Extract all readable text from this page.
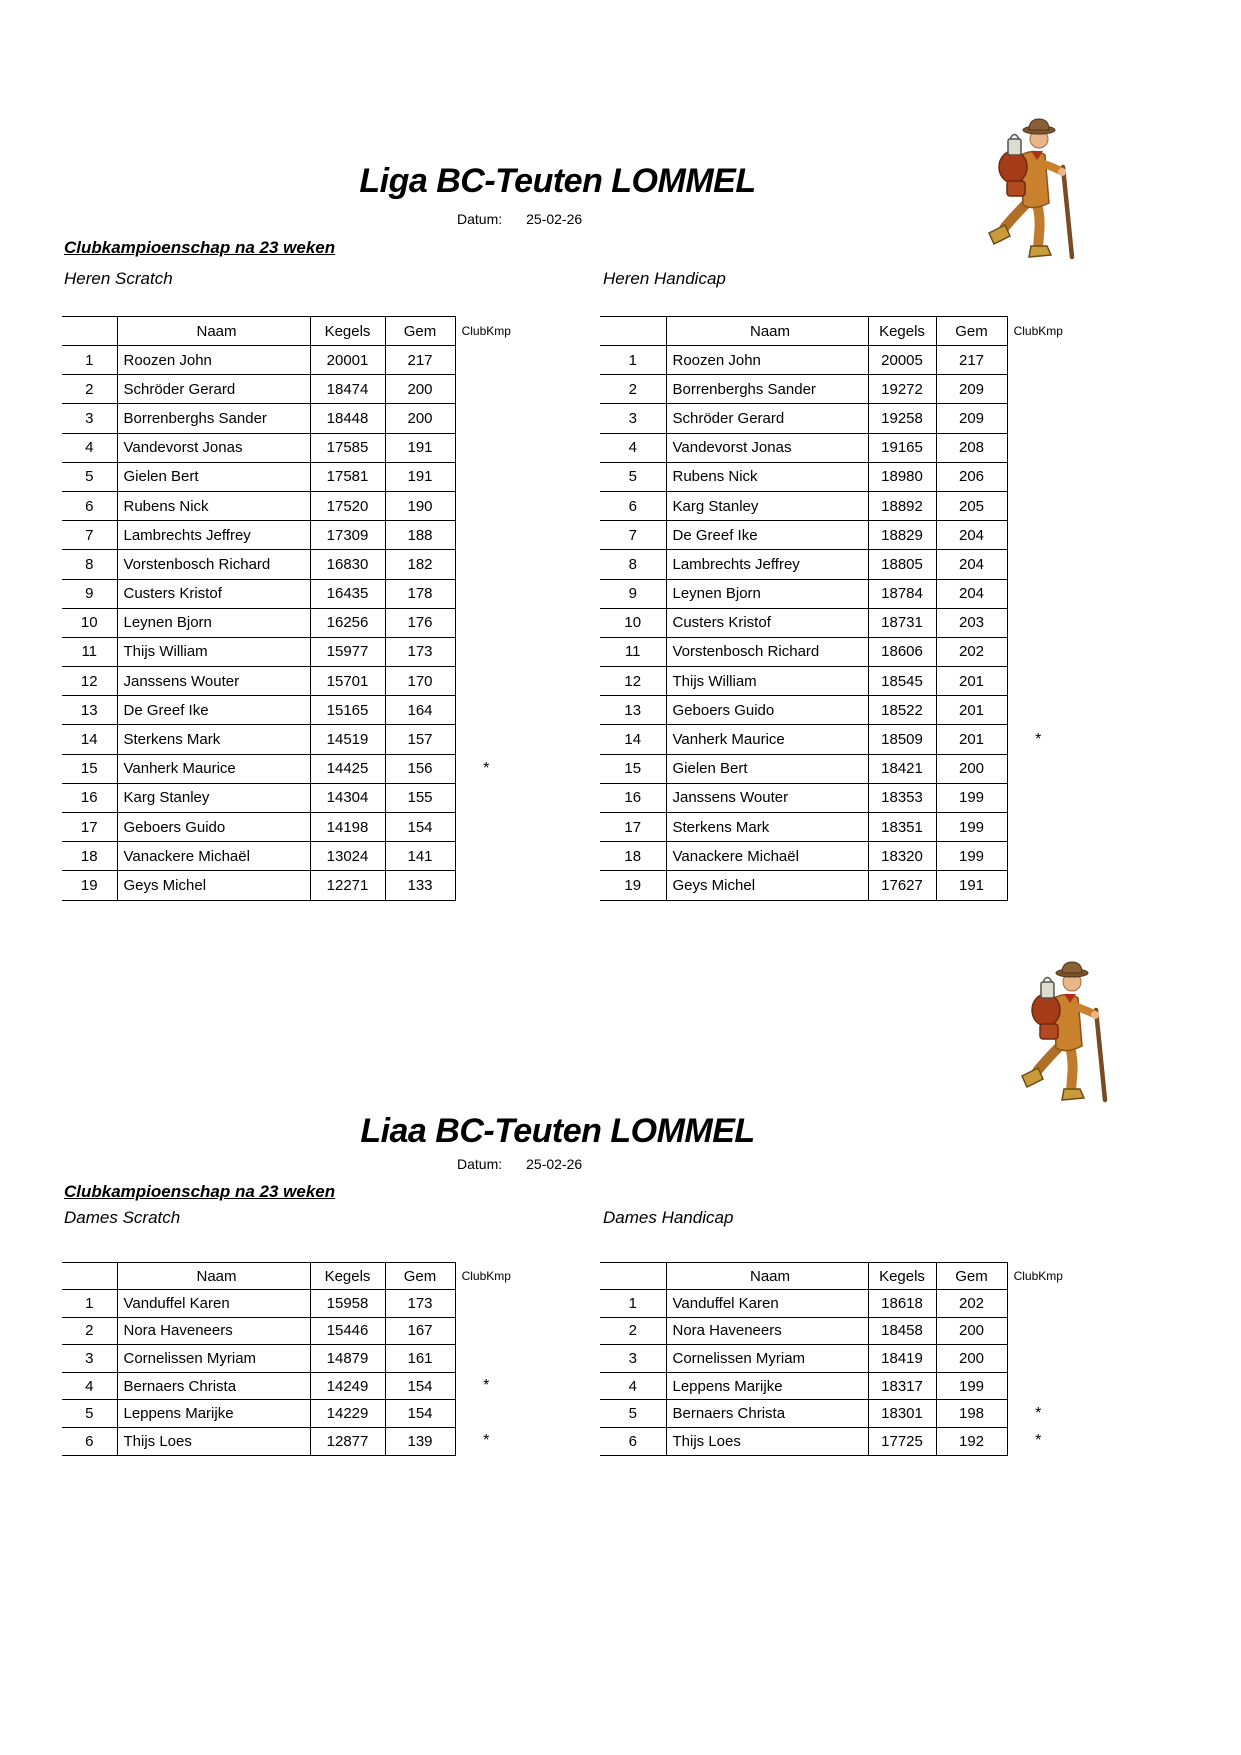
Liga BC-Teuten LOMMEL
Datum: 25-02-26
Clubkampioenschap na 23 weken
Heren Scratch	Heren Handicap
	Naam	Kegels	Gem	ClubKmp
1	Roozen John	20001	217	
2	Schröder Gerard	18474	200	
3	Borrenberghs Sander	18448	200	
4	Vandevorst Jonas	17585	191	
5	Gielen Bert	17581	191	
6	Rubens Nick	17520	190	
7	Lambrechts Jeffrey	17309	188	
8	Vorstenbosch Richard	16830	182	
9	Custers Kristof	16435	178	
10	Leynen Bjorn	16256	176	
11	Thijs William	15977	173	
12	Janssens Wouter	15701	170	
13	De Greef Ike	15165	164	
14	Sterkens Mark	14519	157	
15	Vanherk Maurice	14425	156	*
16	Karg Stanley	14304	155	
17	Geboers Guido	14198	154	
18	Vanackere Michaël	13024	141	
19	Geys Michel	12271	133	
	Naam	Kegels	Gem	ClubKmp
1	Roozen John	20005	217	
2	Borrenberghs Sander	19272	209	
3	Schröder Gerard	19258	209	
4	Vandevorst Jonas	19165	208	
5	Rubens Nick	18980	206	
6	Karg Stanley	18892	205	
7	De Greef Ike	18829	204	
8	Lambrechts Jeffrey	18805	204	
9	Leynen Bjorn	18784	204	
10	Custers Kristof	18731	203	
11	Vorstenbosch Richard	18606	202	
12	Thijs William	18545	201	
13	Geboers Guido	18522	201	
14	Vanherk Maurice	18509	201	*
15	Gielen Bert	18421	200	
16	Janssens Wouter	18353	199	
17	Sterkens Mark	18351	199	
18	Vanackere Michaël	18320	199	
19	Geys Michel	17627	191	
Liaa BC-Teuten LOMMEL
Datum: 25-02-26
Clubkampioenschap na 23 weken
Dames Scratch	Dames Handicap
	Naam	Kegels	Gem	ClubKmp
1	Vanduffel Karen	15958	173	
2	Nora Haveneers	15446	167	
3	Cornelissen Myriam	14879	161	
4	Bernaers Christa	14249	154	*
5	Leppens Marijke	14229	154	
6	Thijs Loes	12877	139	*
	Naam	Kegels	Gem	ClubKmp
1	Vanduffel Karen	18618	202	
2	Nora Haveneers	18458	200	
3	Cornelissen Myriam	18419	200	
4	Leppens Marijke	18317	199	
5	Bernaers Christa	18301	198	*
6	Thijs Loes	17725	192	*
